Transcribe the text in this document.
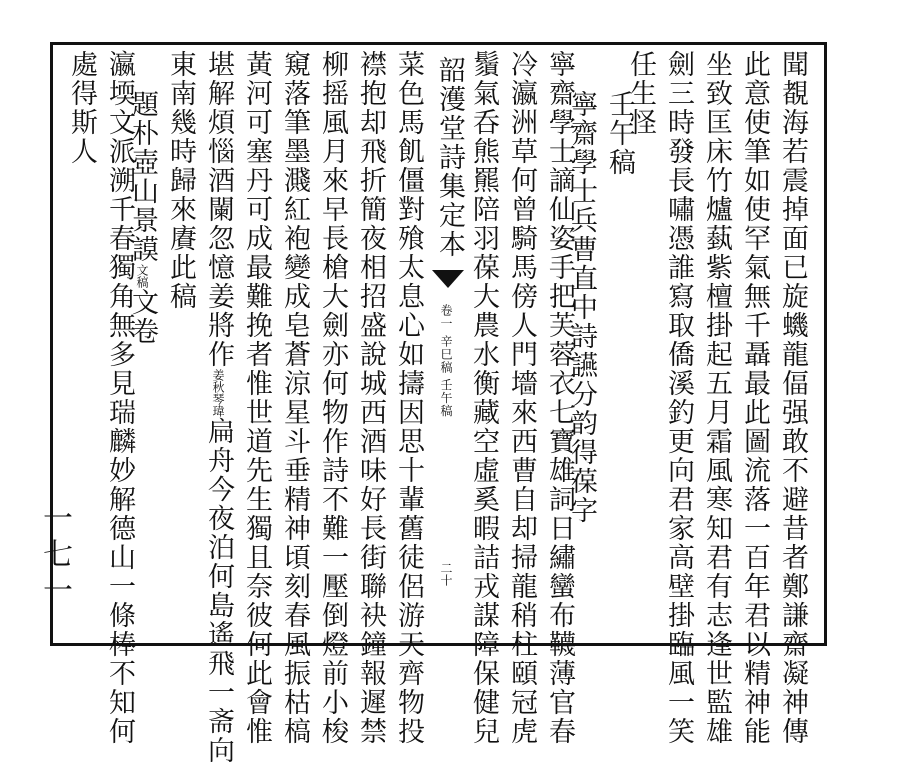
聞覩海若震掉面已旋蟣龍偪强敢不避昔者鄭謙齋凝神傳
此意使筆如使罕氣無千聶最此圖流落一百年君以精神能
坐致匡床竹爐蓺紫檀掛起五月霜風寒知君有志逢世監雄
劍三時發長嘯憑誰寫取僑溪釣更向君家高壁掛臨風一笑
任生怪
壬午稿
寧齋學士兵曹直中詩讌分韵得葆字
寧齋學士謫仙姿手把芙蓉衣七寶雄詞日繡蠻布韈薄官春
冷瀛洲草何曾騎馬傍人門墻來西曹自却掃龍稍柱頤冠虎
鬚氣呑熊羆陪羽葆大農水衡藏空虛奚暇詰戎謀障保健兒
韶濩堂詩集定本
卷一 辛巳稿 壬午稿
二十
菜色馬飢僵對飱太息心如擣因思十輩舊徒侶游天齊物投
襟抱却飛折簡夜相招盛說城西酒味好長街聯袂鐘報遲禁
柳摇風月來早長槍大劍亦何物作詩不難一壓倒燈前小梭
窺落筆墨濺紅袍變成皂蒼涼星斗垂精神頃刻春風振枯槁
黃河可塞丹可成最難挽者惟世道先生獨且奈彼何此會惟
堪解煩惱酒闌忽憶姜將作姜秋琴瑋扁舟今夜泊何島遙飛一斋向
東南幾時歸來賡此稿
題朴壺山景謨文稿文卷
瀛堧文派溯千春獨角無多見瑞麟妙解德山一條棒不知何
處得斯人
一七一
